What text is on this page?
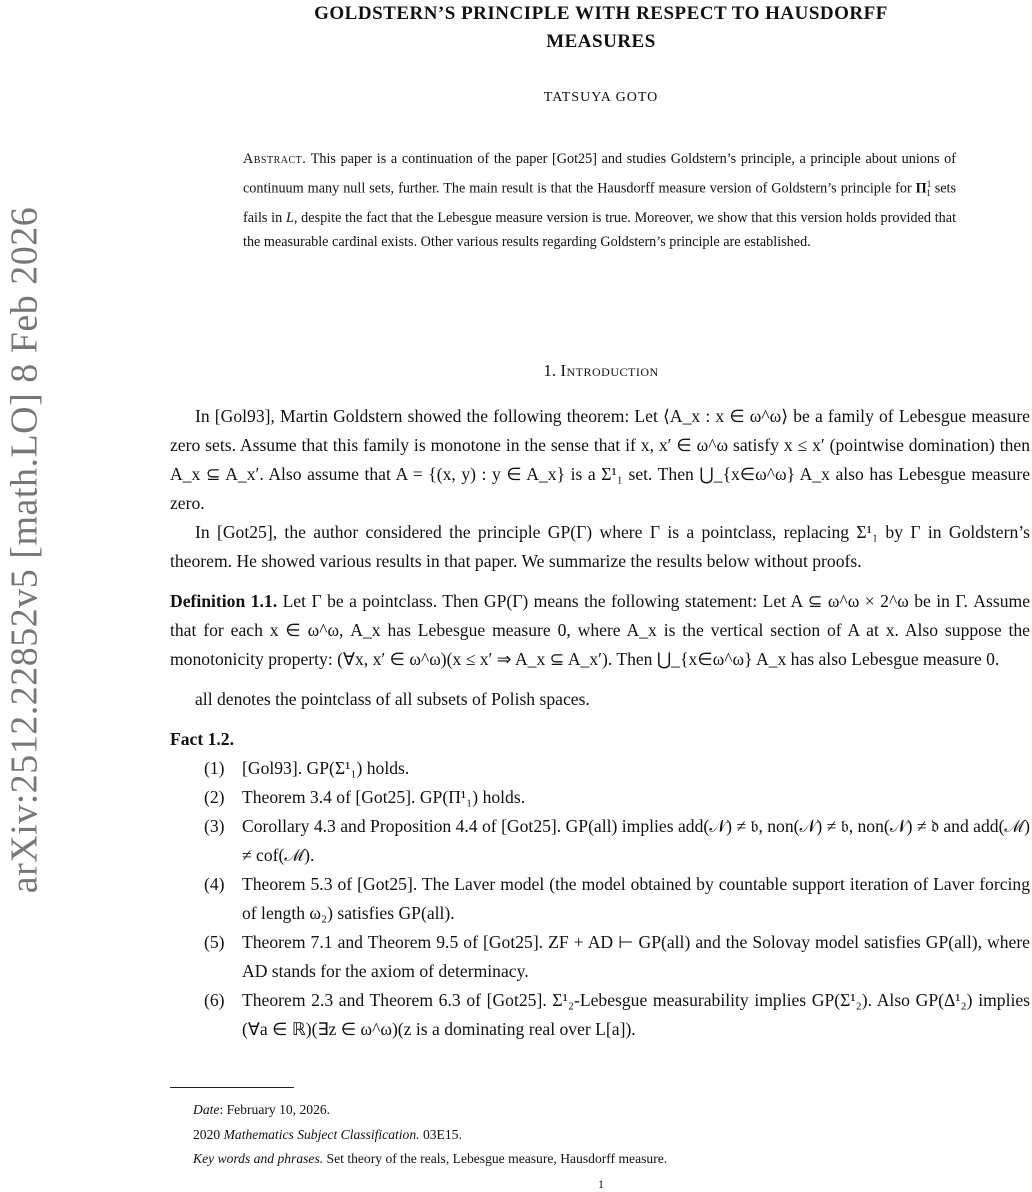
arXiv:2512.22852v5 [math.LO] 8 Feb 2026
GOLDSTERN’S PRINCIPLE WITH RESPECT TO HAUSDORFF
MEASURES
TATSUYA GOTO
Abstract. This paper is a continuation of the paper [Got25] and studies Goldstern’s principle, a principle about unions of continuum many null sets, further. The main result is that the Hausdorff measure version of Goldstern’s principle for $\Pi^1_1$ sets fails in L, despite the fact that the Lebesgue measure version is true. Moreover, we show that this version holds provided that the measurable cardinal exists. Other various results regarding Goldstern’s principle are established.
1. Introduction

In [Gol93], Martin Goldstern showed the following theorem: Let ⟨A_x : x ∈ ω^ω⟩ be a family of Lebesgue measure zero sets. Assume that this family is monotone in the sense that if x, x′ ∈ ω^ω satisfy x ≤ x′ (pointwise domination) then A_x ⊆ A_x′. Also assume that A = {(x, y) : y ∈ A_x} is a Σ¹₁ set. Then ⋃_{x∈ω^ω} A_x also has Lebesgue measure zero.

In [Got25], the author considered the principle GP(Γ) where Γ is a pointclass, replacing Σ¹₁ by Γ in Goldstern’s theorem. He showed various results in that paper. We summarize the results below without proofs.

Definition 1.1. Let Γ be a pointclass. Then GP(Γ) means the following statement: Let A ⊆ ω^ω × 2^ω be in Γ. Assume that for each x ∈ ω^ω, A_x has Lebesgue measure 0, where A_x is the vertical section of A at x. Also suppose the monotonicity property: (∀x, x′ ∈ ω^ω)(x ≤ x′ ⇒ A_x ⊆ A_x′). Then ⋃_{x∈ω^ω} A_x has also Lebesgue measure 0.

all denotes the pointclass of all subsets of Polish spaces.

Fact 1.2.
(1) [Gol93]. GP(Σ¹₁) holds.
(2) Theorem 3.4 of [Got25]. GP(Π¹₁) holds.
(3) Corollary 4.3 and Proposition 4.4 of [Got25]. GP(all) implies add(𝒩) ≠ 𝔟, non(𝒩) ≠ 𝔟, non(𝒩) ≠ 𝔡 and add(ℳ) ≠ cof(ℳ).
(4) Theorem 5.3 of [Got25]. The Laver model (the model obtained by countable support iteration of Laver forcing of length ω₂) satisfies GP(all).
(5) Theorem 7.1 and Theorem 9.5 of [Got25]. ZF + AD ⊢ GP(all) and the Solovay model satisfies GP(all), where AD stands for the axiom of determinacy.
(6) Theorem 2.3 and Theorem 6.3 of [Got25]. Σ¹₂-Lebesgue measurability implies GP(Σ¹₂). Also GP(Δ¹₂) implies (∀a ∈ ℝ)(∃z ∈ ω^ω)(z is a dominating real over L[a]).

Date: February 10, 2026.

2020 Mathematics Subject Classification. 03E15.

Key words and phrases. Set theory of the reals, Lebesgue measure, Hausdorff measure.

1
